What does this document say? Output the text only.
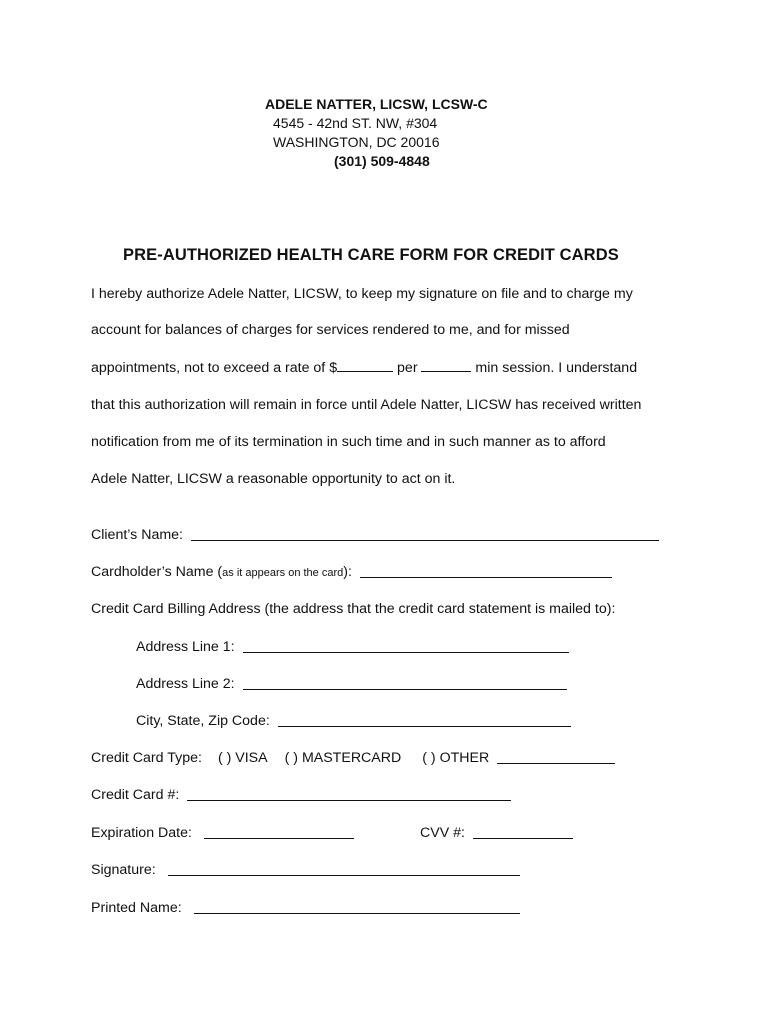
ADELE NATTER, LICSW, LCSW-C
4545 - 42nd ST. NW, #304
WASHINGTON, DC 20016
(301) 509-4848
PRE-AUTHORIZED HEALTH CARE FORM FOR CREDIT CARDS
I hereby authorize Adele Natter, LICSW, to keep my signature on file and to charge my
account for balances of charges for services rendered to me, and for missed
appointments, not to exceed a rate of $	per	min session. I understand
that this authorization will remain in force until Adele Natter, LICSW has received written
notification from me of its termination in such time and in such manner as to afford
Adele Natter, LICSW a reasonable opportunity to act on it.
Client’s Name:
Cardholder’s Name (as it appears on the card):
Credit Card Billing Address (the address that the credit card statement is mailed to):
Address Line 1:
Address Line 2:
City, State, Zip Code:
Credit Card Type: ( ) VISA ( ) MASTERCARD ( ) OTHER
Credit Card #:
Expiration Date:	CVV #:
Signature:
Printed Name:
